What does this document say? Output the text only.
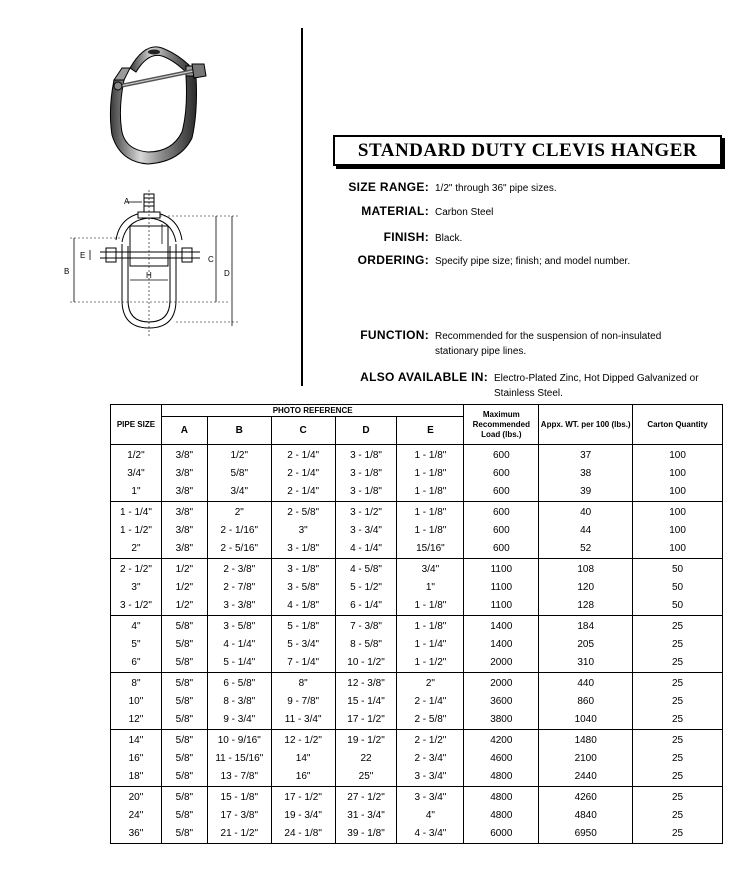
A
B
E	C
D
H
STANDARD DUTY CLEVIS HANGER
SIZE RANGE: 1/2" through 36" pipe sizes.
MATERIAL: Carbon Steel
FINISH: Black.
ORDERING: Specify pipe size; finish; and model number.
FUNCTION: Recommended for the suspension of non-insulated stationary pipe lines.
ALSO AVAILABLE IN: Electro-Plated Zinc, Hot Dipped Galvanized or Stainless Steel.
PIPE SIZE	PHOTO REFERENCE					Maximum Recommended Load (lbs.)	Appx. WT. per 100 (lbs.)	Carton Quantity
	A	B	C	D	E			
1/2"	3/8"	1/2"	2 - 1/4"	3 - 1/8"	1 - 1/8"	600	37	100
3/4"	3/8"	5/8"	2 - 1/4"	3 - 1/8"	1 - 1/8"	600	38	100
1"	3/8"	3/4"	2 - 1/4"	3 - 1/8"	1 - 1/8"	600	39	100
1 - 1/4"	3/8"	2"	2 - 5/8"	3 - 1/2"	1 - 1/8"	600	40	100
1 - 1/2"	3/8"	2 - 1/16"	3"	3 - 3/4"	1 - 1/8"	600	44	100
2"	3/8"	2 - 5/16"	3 - 1/8"	4 - 1/4"	15/16"	600	52	100
2 - 1/2"	1/2"	2 - 3/8"	3 - 1/8"	4 - 5/8"	3/4"	1100	108	50
3"	1/2"	2 - 7/8"	3 - 5/8"	5 - 1/2"	1"	1100	120	50
3 - 1/2"	1/2"	3 - 3/8"	4 - 1/8"	6 - 1/4"	1 - 1/8"	1100	128	50
4"	5/8"	3 - 5/8"	5 - 1/8"	7 - 3/8"	1 - 1/8"	1400	184	25
5"	5/8"	4 - 1/4"	5 - 3/4"	8 - 5/8"	1 - 1/4"	1400	205	25
6"	5/8"	5 - 1/4"	7 - 1/4"	10 - 1/2"	1 - 1/2"	2000	310	25
8"	5/8"	6 - 5/8"	8"	12 - 3/8"	2"	2000	440	25
10"	5/8"	8 - 3/8"	9 - 7/8"	15 - 1/4"	2 - 1/4"	3600	860	25
12"	5/8"	9 - 3/4"	11 - 3/4"	17 - 1/2"	2 - 5/8"	3800	1040	25
14"	5/8"	10 - 9/16"	12 - 1/2"	19 - 1/2"	2 - 1/2"	4200	1480	25
16"	5/8"	11 - 15/16"	14"	22	2 - 3/4"	4600	2100	25
18"	5/8"	13 - 7/8"	16"	25"	3 - 3/4"	4800	2440	25
20"	5/8"	15 - 1/8"	17 - 1/2"	27 - 1/2"	3 - 3/4"	4800	4260	25
24"	5/8"	17 - 3/8"	19 - 3/4"	31 - 3/4"	4"	4800	4840	25
36"	5/8"	21 - 1/2"	24 - 1/8"	39 - 1/8"	4 - 3/4"	6000	6950	25
